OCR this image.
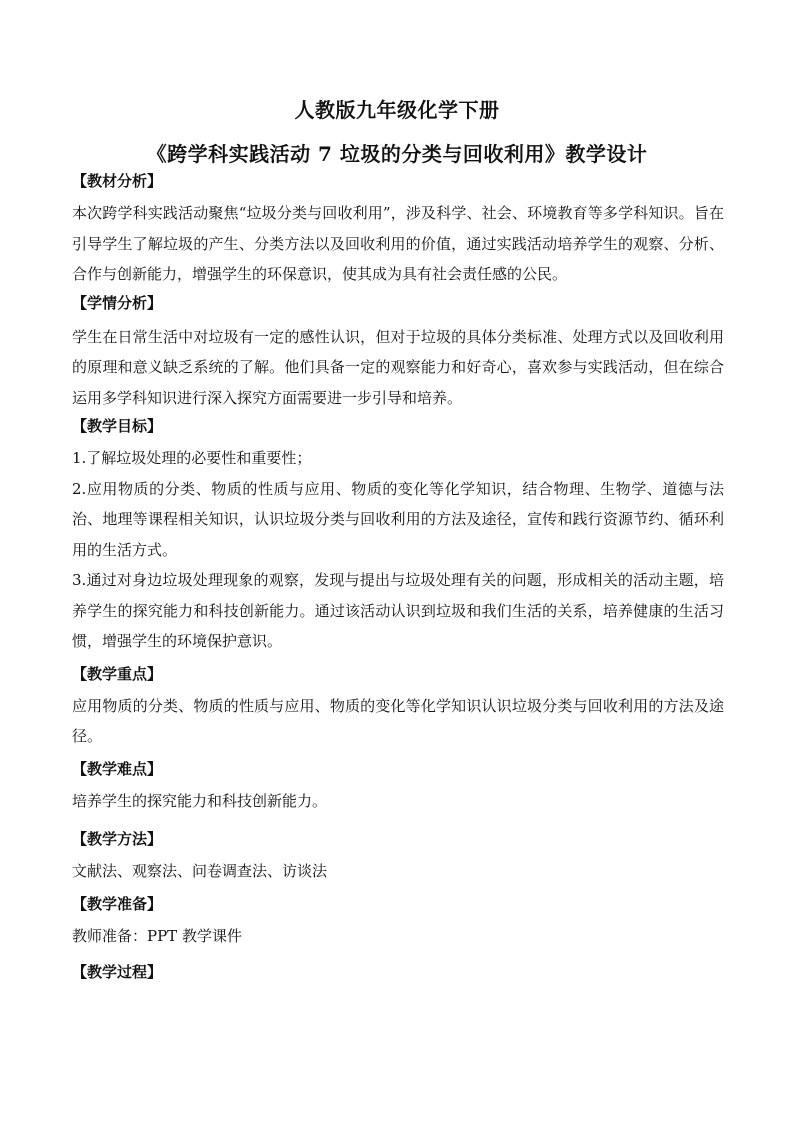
人教版九年级化学下册
《跨学科实践活动 7 垃圾的分类与回收利用》教学设计
【教材分析】

本次跨学科实践活动聚焦“垃圾分类与回收利用”，涉及科学、社会、环境教育等多学科知识。旨在引导学生了解垃圾的产生、分类方法以及回收利用的价值，通过实践活动培养学生的观察、分析、合作与创新能力，增强学生的环保意识，使其成为具有社会责任感的公民。

【学情分析】

学生在日常生活中对垃圾有一定的感性认识，但对于垃圾的具体分类标准、处理方式以及回收利用的原理和意义缺乏系统的了解。他们具备一定的观察能力和好奇心，喜欢参与实践活动，但在综合运用多学科知识进行深入探究方面需要进一步引导和培养。

【教学目标】

1.了解垃圾处理的必要性和重要性；

2.应用物质的分类、物质的性质与应用、物质的变化等化学知识，结合物理、生物学、道德与法治、地理等课程相关知识，认识垃圾分类与回收利用的方法及途径，宣传和践行资源节约、循环利用的生活方式。

3.通过对身边垃圾处理现象的观察，发现与提出与垃圾处理有关的问题，形成相关的活动主题，培养学生的探究能力和科技创新能力。通过该活动认识到垃圾和我们生活的关系，培养健康的生活习惯，增强学生的环境保护意识。

【教学重点】

应用物质的分类、物质的性质与应用、物质的变化等化学知识认识垃圾分类与回收利用的方法及途径。

【教学难点】

培养学生的探究能力和科技创新能力。

【教学方法】

文献法、观察法、问卷调查法、访谈法

【教学准备】

教师准备：PPT 教学课件

【教学过程】
